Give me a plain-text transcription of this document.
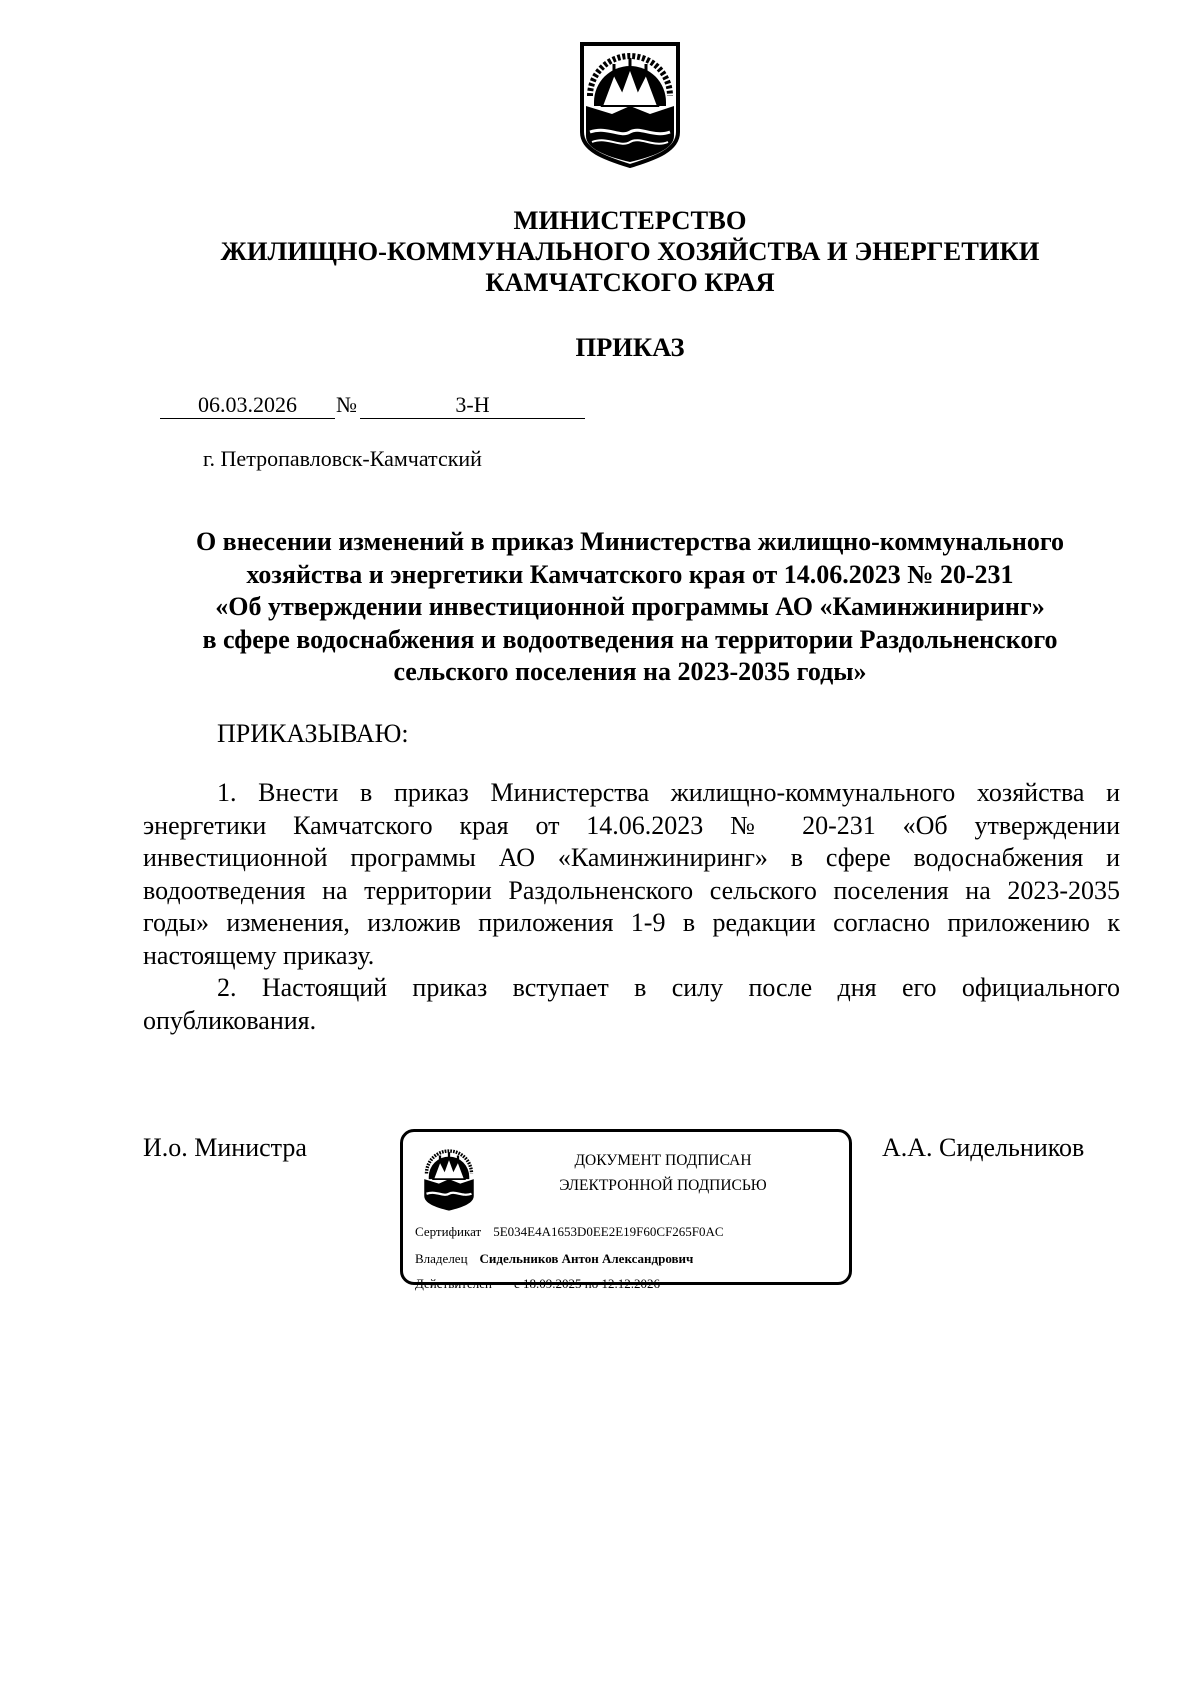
МИНИСТЕРСТВО
ЖИЛИЩНО-КОММУНАЛЬНОГО ХОЗЯЙСТВА И ЭНЕРГЕТИКИ
КАМЧАТСКОГО КРАЯ
ПРИКАЗ
06.03.2026	№	3-Н
г. Петропавловск-Камчатский
О внесении изменений в приказ Министерства жилищно-коммунального
хозяйства и энергетики Камчатского края от 14.06.2023 № 20-231
«Об утверждении инвестиционной программы АО «Каминжиниринг»
в сфере водоснабжения и водоотведения на территории Раздольненского
сельского поселения на 2023-2035 годы»
ПРИКАЗЫВАЮ:

1. Внести в приказ Министерства жилищно-коммунального хозяйства и энергетики Камчатского края от 14.06.2023 № 20-231 «Об утверждении инвестиционной программы АО «Каминжиниринг» в сфере водоснабжения и водоотведения на территории Раздольненского сельского поселения на 2023-2035 годы» изменения, изложив приложения 1-9 в редакции согласно приложению к настоящему приказу.

2. Настоящий приказ вступает в силу после дня его официального опубликования.

И.о. Министра	ДОКУМЕНТ ПОДПИСАН
ЭЛЕКТРОННОЙ ПОДПИСЬЮ
Сертификат 5E034E4A1653D0EE2E19F60CF265F0AC
Владелец Сидельников Антон Александрович
Действителен с 18.09.2025 по 12.12.2026
А.А. Сидельников
